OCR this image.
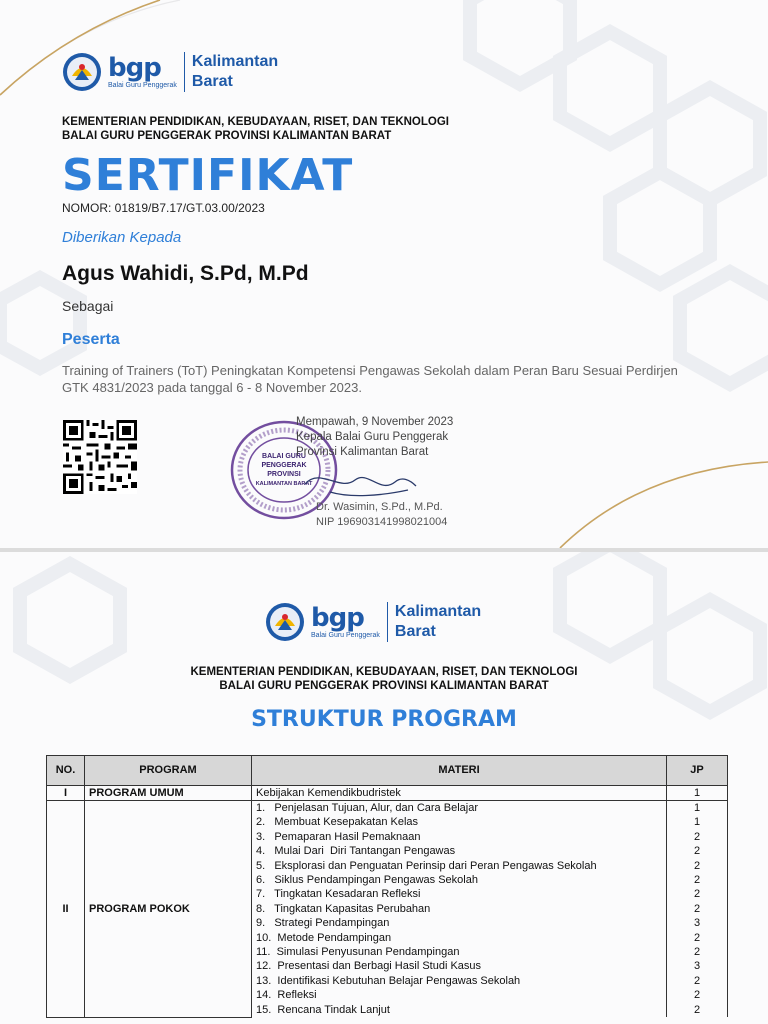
bgp
Balai Guru Penggerak
Kalimantan
Barat
KEMENTERIAN PENDIDIKAN, KEBUDAYAAN, RISET, DAN TEKNOLOGI
BALAI GURU PENGGERAK PROVINSI KALIMANTAN BARAT
SERTIFIKAT
NOMOR: 01819/B7.17/GT.03.00/2023
Diberikan Kepada
Agus Wahidi, S.Pd, M.Pd
Sebagai
Peserta
Training of Trainers (ToT) Peningkatan Kompetensi Pengawas Sekolah dalam Peran Baru Sesuai Perdirjen GTK 4831/2023 pada tanggal 6 - 8 November 2023.
BALAI GURU
PENGGERAK
PROVINSI
KALIMANTAN BARAT
Mempawah, 9 November 2023
Kepala Balai Guru Penggerak
Provinsi Kalimantan Barat
Dr. Wasimin, S.Pd., M.Pd.
NIP 196903141998021004
bgp
Balai Guru Penggerak
Kalimantan
Barat
KEMENTERIAN PENDIDIKAN, KEBUDAYAAN, RISET, DAN TEKNOLOGI
BALAI GURU PENGGERAK PROVINSI KALIMANTAN BARAT
STRUKTUR PROGRAM
NO.	PROGRAM	MATERI	JP
I	PROGRAM UMUM	Kebijakan Kemendikbudristek	1
II	PROGRAM POKOK	1.   Penjelasan Tujuan, Alur, dan Cara Belajar	1
		2.   Membuat Kesepakatan Kelas	1
		3.   Pemaparan Hasil Pemaknaan	2
		4.   Mulai Dari  Diri Tantangan Pengawas	2
		5.   Eksplorasi dan Penguatan Perinsip dari Peran Pengawas Sekolah	2
		6.   Siklus Pendampingan Pengawas Sekolah	2
		7.   Tingkatan Kesadaran Refleksi	2
		8.   Tingkatan Kapasitas Perubahan	2
		9.   Strategi Pendampingan	3
		10.  Metode Pendampingan	2
		11.  Simulasi Penyusunan Pendampingan	2
		12.  Presentasi dan Berbagi Hasil Studi Kasus	3
		13.  Identifikasi Kebutuhan Belajar Pengawas Sekolah	2
		14.  Refleksi	2
		15.  Rencana Tindak Lanjut	2
